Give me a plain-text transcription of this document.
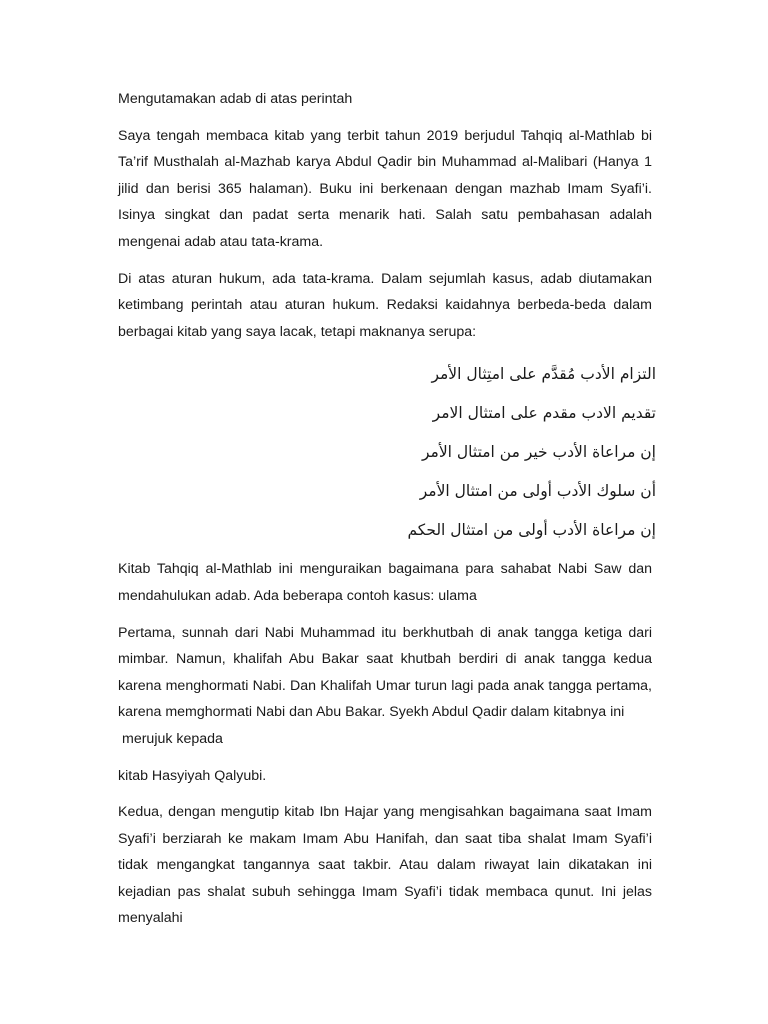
Mengutamakan adab di atas perintah
Saya tengah membaca kitab yang terbit tahun 2019 berjudul Tahqiq al-Mathlab bi Ta’rif Musthalah al-Mazhab karya Abdul Qadir bin Muhammad al-Malibari (Hanya 1 jilid dan berisi 365 halaman). Buku ini berkenaan dengan mazhab Imam Syafi’i. Isinya singkat dan padat serta menarik hati. Salah satu pembahasan adalah mengenai adab atau tata-krama.
Di atas aturan hukum, ada tata-krama. Dalam sejumlah kasus, adab diutamakan ketimbang perintah atau aturan hukum. Redaksi kaidahnya berbeda-beda dalam berbagai kitab yang saya lacak, tetapi maknanya serupa:
التزام الأدب مُقدَّم على امتِثال الأمر
تقديم الادب مقدم على امتثال الامر
إن مراعاة الأدب خير من امتثال الأمر
أن سلوك الأدب أولى من امتثال الأمر
إن مراعاة الأدب أولى من امتثال الحكم
Kitab Tahqiq al-Mathlab ini menguraikan bagaimana para sahabat Nabi Saw dan mendahulukan adab. Ada beberapa contoh kasus: ulama
Pertama, sunnah dari Nabi Muhammad itu berkhutbah di anak tangga ketiga dari mimbar. Namun, khalifah Abu Bakar saat khutbah berdiri di anak tangga kedua karena menghormati Nabi. Dan Khalifah Umar turun lagi pada anak tangga pertama, karena memghormati Nabi dan Abu Bakar. Syekh Abdul Qadir dalam kitabnya ini
merujuk kepada
kitab Hasyiyah Qalyubi.
Kedua, dengan mengutip kitab Ibn Hajar yang mengisahkan bagaimana saat Imam Syafi’i berziarah ke makam Imam Abu Hanifah, dan saat tiba shalat Imam Syafi’i tidak mengangkat tangannya saat takbir. Atau dalam riwayat lain dikatakan ini kejadian pas shalat subuh sehingga Imam Syafi’i tidak membaca qunut. Ini jelas menyalahi
